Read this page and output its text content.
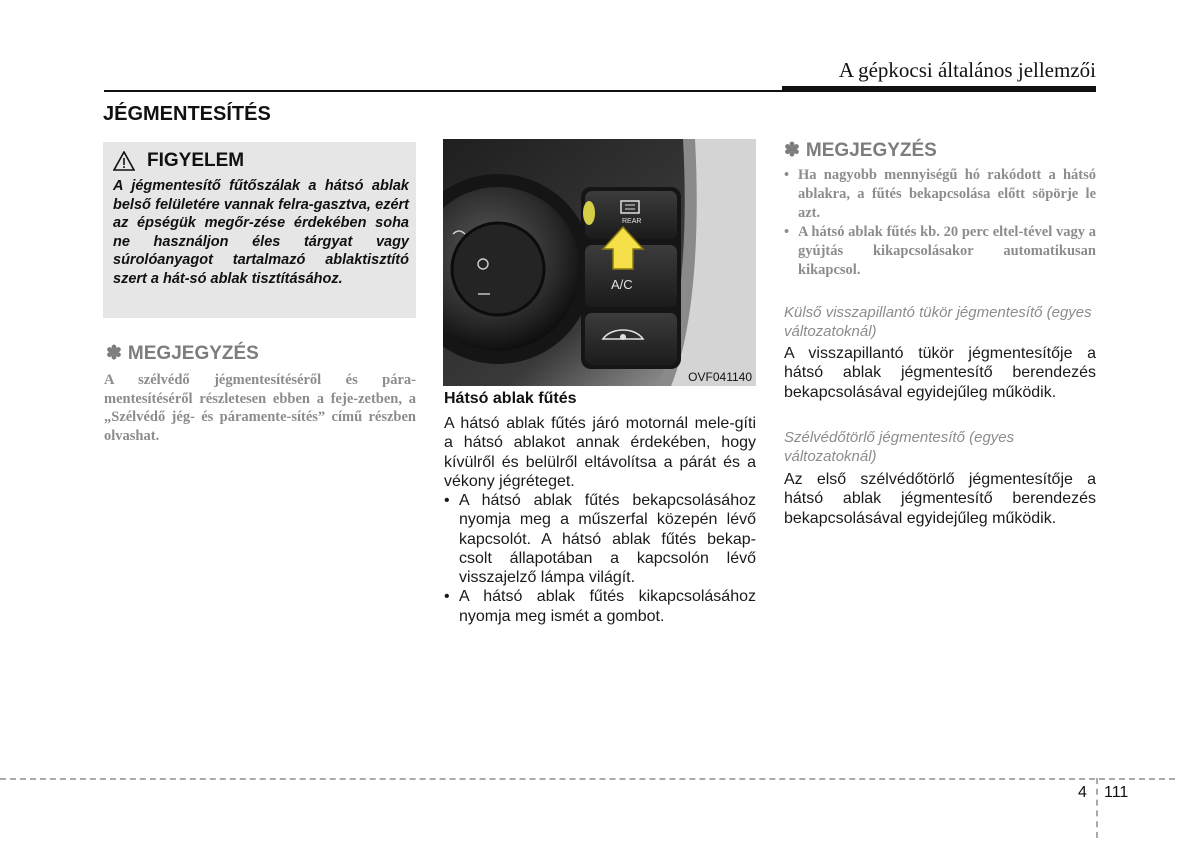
A gépkocsi általános jellemzői
JÉGMENTESÍTÉS
FIGYELEM

A jégmentesítő fűtőszálak a hátsó ablak belső felületére vannak felra-gasztva, ezért az épségük megőr-zése érdekében soha ne használjon éles tárgyat vagy súrolóanyagot tartalmazó ablaktisztító szert a hát-só ablak tisztításához.

✽ MEGJEGYZÉS

A szélvédő jégmentesítéséről és pára-mentesítéséről részletesen ebben a feje-zetben, a „Szélvédő jég- és páramente-sítés” című részben olvashat.

REAR
A/C
OVF041140
Hátsó ablak fűtés

A hátsó ablak fűtés járó motornál mele-gíti a hátsó ablakot annak érdekében, hogy kívülről és belülről eltávolítsa a párát és a vékony jégréteget.

• A hátsó ablak fűtés bekapcsolásához nyomja meg a műszerfal közepén lévő kapcsolót. A hátsó ablak fűtés bekap-csolt állapotában a kapcsolón lévő visszajelző lámpa világít.
• A hátsó ablak fűtés kikapcsolásához nyomja meg ismét a gombot.
✽ MEGJEGYZÉS
• Ha nagyobb mennyiségű hó rakódott a hátsó ablakra, a fűtés bekapcsolása előtt söpörje le azt.
• A hátsó ablak fűtés kb. 20 perc eltel-tével vagy a gyújtás kikapcsolásakor automatikusan kikapcsol.

Külső visszapillantó tükör jégmentesítő (egyes változatoknál)

A visszapillantó tükör jégmentesítője a hátsó ablak jégmentesítő berendezés bekapcsolásával egyidejűleg működik.

Szélvédőtörlő jégmentesítő (egyes változatoknál)

Az első szélvédőtörlő jégmentesítője a hátsó ablak jégmentesítő berendezés bekapcsolásával egyidejűleg működik.

4 111
